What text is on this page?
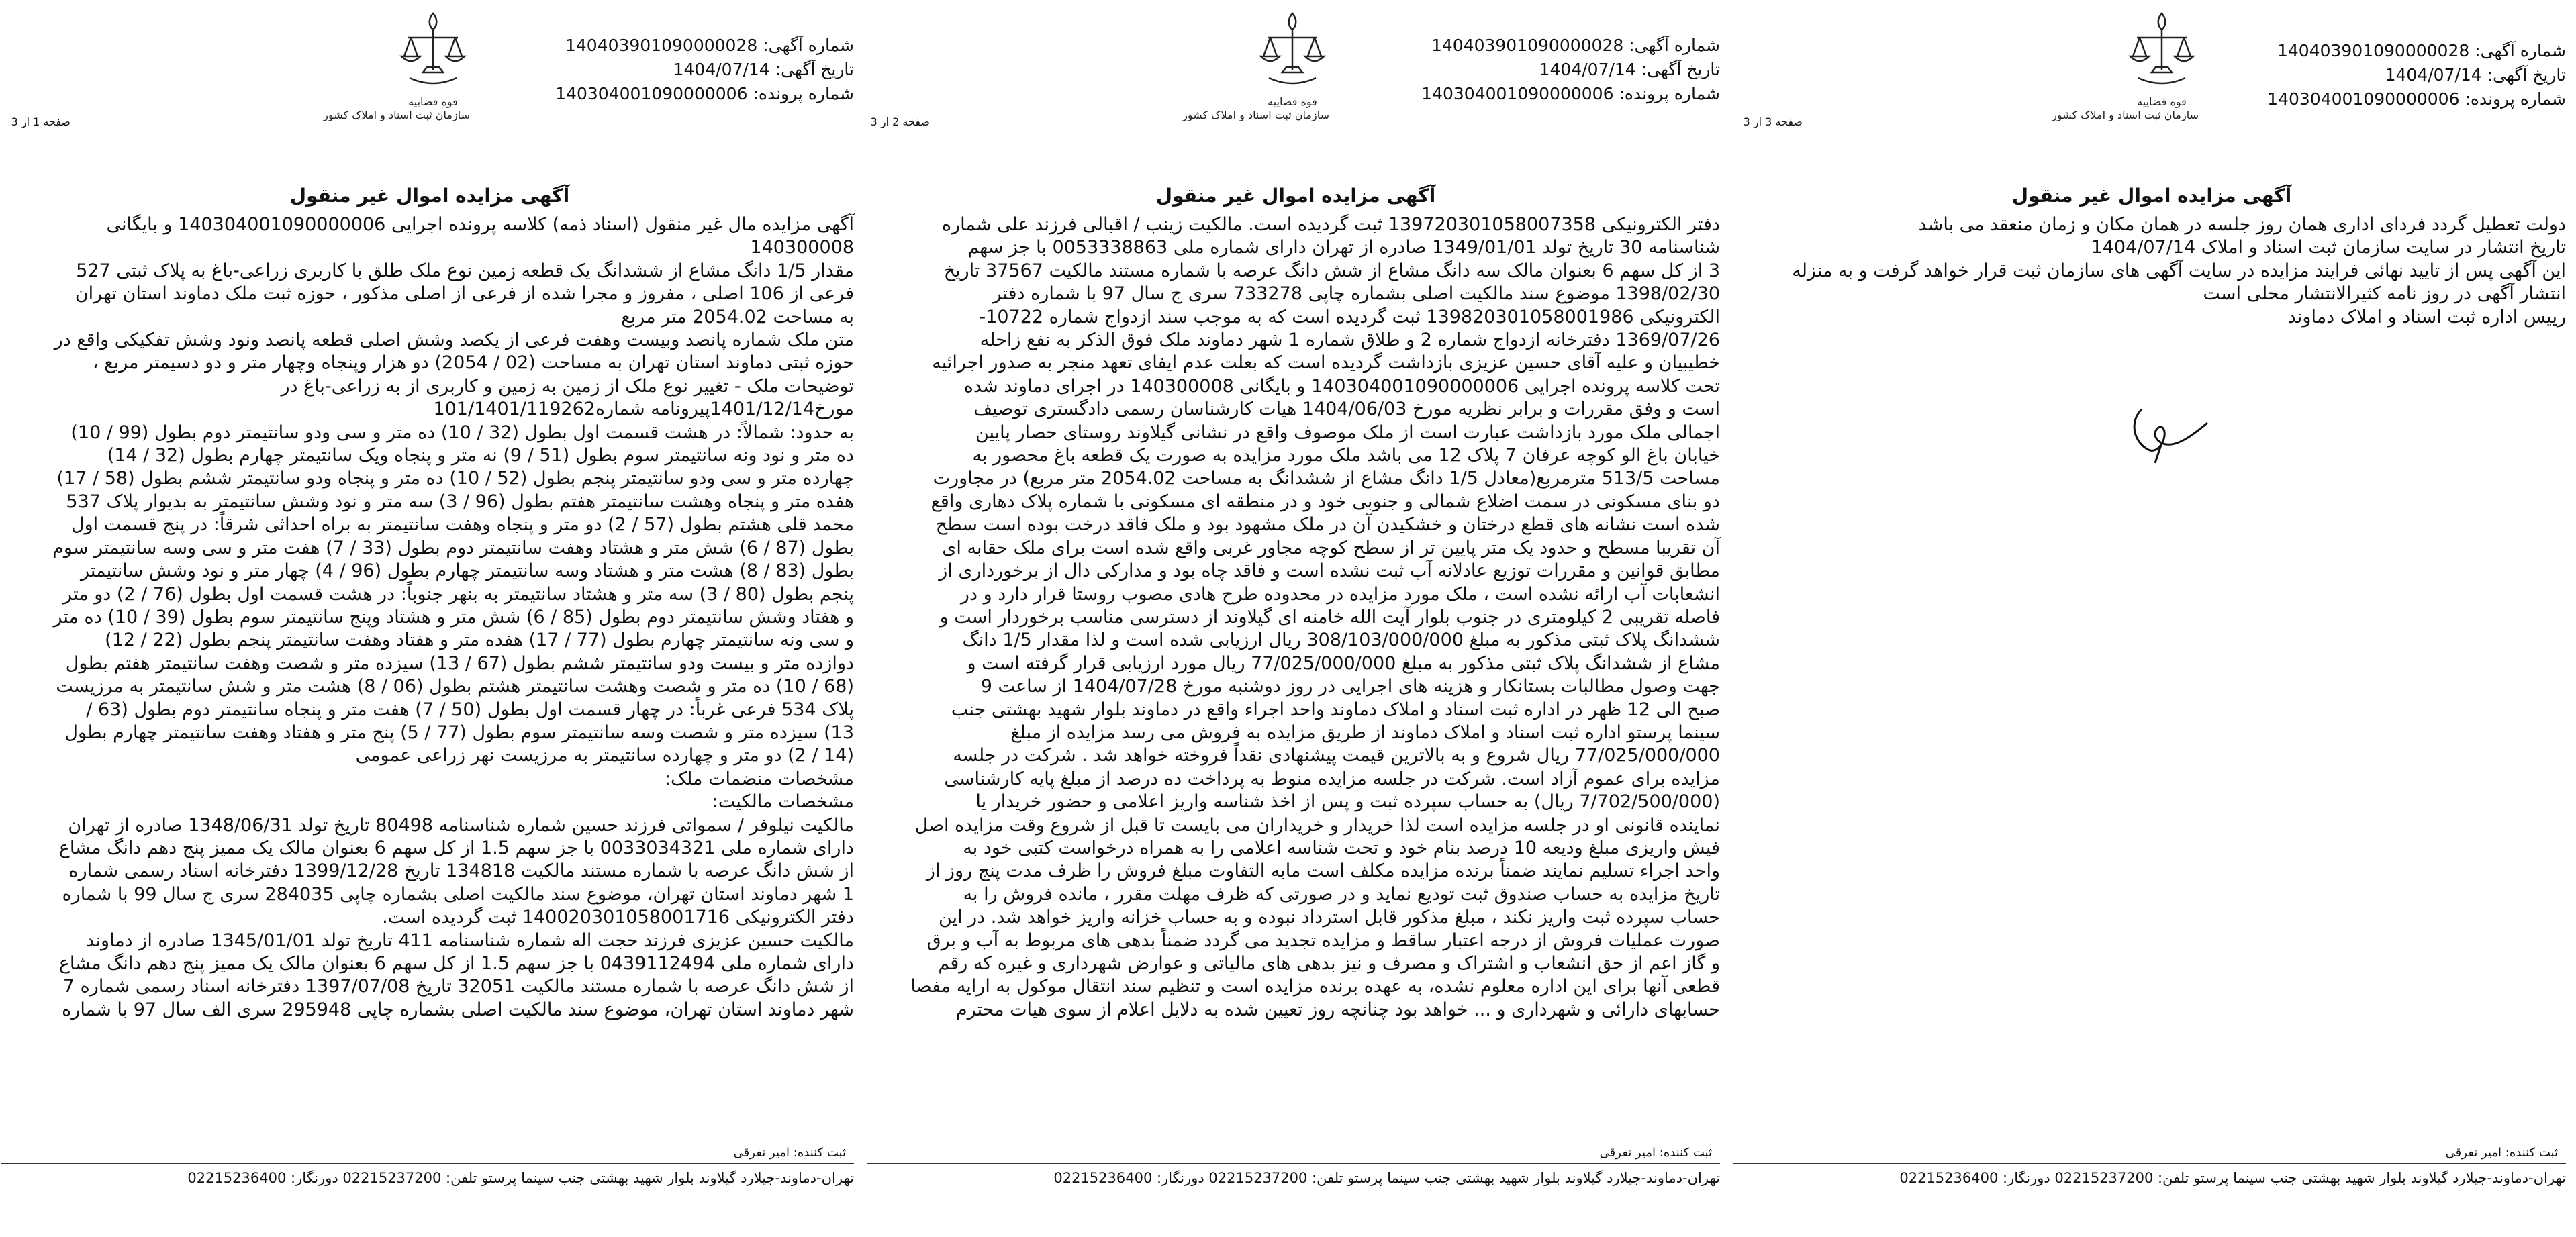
شماره آگهی: 140403901090000028
تاریخ آگهی: 1404/07/14
شماره پرونده: 140304001090000006
قوه قضاییه
سازمان ثبت اسناد و املاک کشور
صفحه 3 از 3
آگهی مزایده اموال غیر منقول

دولت تعطیل گردد فردای اداری همان روز جلسه در همان مکان و زمان منعقد می باشد

تاریخ انتشار در سایت سازمان ثبت اسناد و املاک 1404/07/14

این آگهی پس از تایید نهائی فرایند مزایده در سایت آگهی های سازمان ثبت قرار خواهد گرفت و به منزله

انتشار آگهی در روز نامه کثیرالانتشار محلی است

رییس اداره ثبت اسناد و املاک دماوند

ثبت کننده: امیر تفرقی
تهران-دماوند-جیلارد گیلاوند بلوار شهید بهشتی جنب سینما پرستو تلفن: 02215237200 دورنگار: 02215236400
شماره آگهی: 140403901090000028
تاریخ آگهی: 1404/07/14
شماره پرونده: 140304001090000006
قوه قضاییه
سازمان ثبت اسناد و املاک کشور
صفحه 2 از 3
آگهی مزایده اموال غیر منقول

دفتر الکترونیکی 139720301058007358 ثبت گردیده است. مالکیت زینب / اقبالی فرزند علی شماره

شناسنامه 30 تاریخ تولد 1349/01/01 صادره از تهران دارای شماره ملی 0053338863 با جز سهم

3 از کل سهم 6 بعنوان مالک سه دانگ مشاع از شش دانگ عرصه با شماره مستند مالکیت 37567 تاریخ

1398/02/30 موضوع سند مالکیت اصلی بشماره چاپی 733278 سری ج سال 97 با شماره دفتر

الکترونیکی 139820301058001986 ثبت گردیده است که به موجب سند ازدواج شماره 10722-

1369/07/26 دفترخانه ازدواج شماره 2 و طلاق شماره 1 شهر دماوند ملک فوق الذکر به نفع زاحله

خطیبیان و علیه آقای حسین عزیزی بازداشت گردیده است که بعلت عدم ایفای تعهد منجر به صدور اجرائیه

تحت کلاسه پرونده اجرایی 140304001090000006 و بایگانی 140300008 در اجرای دماوند شده

است و وفق مقررات و برابر نظریه مورخ 1404/06/03 هیات کارشناسان رسمی دادگستری توصیف

اجمالی ملک مورد بازداشت عبارت است از ملک موصوف واقع در نشانی گیلاوند روستای حصار پایین

خیابان باغ الو کوچه عرفان 7 پلاک 12 می باشد ملک مورد مزایده به صورت یک قطعه باغ محصور به

مساحت 513/5 مترمربع(معادل 1/5 دانگ مشاع از ششدانگ به مساحت 2054.02 متر مربع) در مجاورت

دو بنای مسکونی در سمت اضلاع شمالی و جنوبی خود و در منطقه ای مسکونی با شماره پلاک دهاری واقع

شده است نشانه های قطع درختان و خشکیدن آن در ملک مشهود بود و ملک فاقد درخت بوده است سطح

آن تقریبا مسطح و حدود یک متر پایین تر از سطح کوچه مجاور غربی واقع شده است برای ملک حقابه ای

مطابق قوانین و مقررات توزیع عادلانه آب ثبت نشده است و فاقد چاه بود و مدارکی دال از برخورداری از

انشعابات آب ارائه نشده است ، ملک مورد مزایده در محدوده طرح هادی مصوب روستا قرار دارد و در

فاصله تقریبی 2 کیلومتری در جنوب بلوار آیت الله خامنه ای گیلاوند از دسترسی مناسب برخوردار است و

ششدانگ پلاک ثبتی مذکور به مبلغ 308/103/000/000 ریال ارزیابی شده است و لذا مقدار 1/5 دانگ

مشاع از ششدانگ پلاک ثبتی مذکور به مبلغ 77/025/000/000 ریال مورد ارزیابی قرار گرفته است و

جهت وصول مطالبات بستانکار و هزینه های اجرایی در روز دوشنبه مورخ 1404/07/28 از ساعت 9

صبح الی 12 ظهر در اداره ثبت اسناد و املاک دماوند واحد اجراء واقع در دماوند بلوار شهید بهشتی جنب

سینما پرستو اداره ثبت اسناد و املاک دماوند از طریق مزایده به فروش می رسد مزایده از مبلغ

77/025/000/000 ریال شروع و به بالاترین قیمت پیشنهادی نقداً فروخته خواهد شد . شرکت در جلسه

مزایده برای عموم آزاد است. شرکت در جلسه مزایده منوط به پرداخت ده درصد از مبلغ پایه کارشناسی

(7/702/500/000 ریال) به حساب سپرده ثبت و پس از اخذ شناسه واریز اعلامی و حضور خریدار یا

نماینده قانونی او در جلسه مزایده است لذا خریدار و خریداران می بایست تا قبل از شروع وقت مزایده اصل

فیش واریزی مبلغ ودیعه 10 درصد بنام خود و تحت شناسه اعلامی را به همراه درخواست کتبی خود به

واحد اجراء تسلیم نمایند ضمناً برنده مزایده مکلف است مابه التفاوت مبلغ فروش را ظرف مدت پنج روز از

تاریخ مزایده به حساب صندوق ثبت تودیع نماید و در صورتی که ظرف مهلت مقرر ، مانده فروش را به

حساب سپرده ثبت واریز نکند ، مبلغ مذکور قابل استرداد نبوده و به حساب خزانه واریز خواهد شد. در این

صورت عملیات فروش از درجه اعتبار ساقط و مزایده تجدید می گردد ضمناً بدهی های مربوط به آب و برق

و گاز اعم از حق انشعاب و اشتراک و مصرف و نیز بدهی های مالیاتی و عوارض شهرداری و غیره که رقم

قطعی آنها برای این اداره معلوم نشده، به عهده برنده مزایده است و تنظیم سند انتقال موکول به ارایه مفصا

حسابهای دارائی و شهرداری و ... خواهد بود چنانچه روز تعیین شده به دلایل اعلام از سوی هیات محترم

ثبت کننده: امیر تفرقی
تهران-دماوند-جیلارد گیلاوند بلوار شهید بهشتی جنب سینما پرستو تلفن: 02215237200 دورنگار: 02215236400
شماره آگهی: 140403901090000028
تاریخ آگهی: 1404/07/14
شماره پرونده: 140304001090000006
قوه قضاییه
سازمان ثبت اسناد و املاک کشور
صفحه 1 از 3
آگهی مزایده اموال غیر منقول

آگهی مزایده مال غیر منقول (اسناد ذمه) کلاسه پرونده اجرایی 140304001090000006 و بایگانی

140300008

مقدار 1/5 دانگ مشاع از ششدانگ یک قطعه زمین نوع ملک طلق با کاربری زراعی-باغ به پلاک ثبتی 527

فرعی از 106 اصلی ، مفروز و مجرا شده از فرعی از اصلی مذکور ، حوزه ثبت ملک دماوند استان تهران

به مساحت 2054.02 متر مربع

متن ملک شماره پانصد وبیست وهفت فرعی از یکصد وشش اصلی قطعه پانصد ونود وشش تفکیکی واقع در

حوزه ثبتی دماوند استان تهران به مساحت (02 / 2054) دو هزار وپنجاه وچهار متر و دو دسیمتر مربع ،

توضیحات ملک - تغییر نوع ملک از زمین به زمین و کاربری از به زراعی-باغ در

مورخ1401/12/14پیرونامه شماره101/1401/119262

به حدود: شمالاً: در هشت قسمت اول بطول (32 / 10) ده متر و سی ودو سانتیمتر دوم بطول (99 / 10)

ده متر و نود ونه سانتیمتر سوم بطول (51 / 9) نه متر و پنجاه ویک سانتیمتر چهارم بطول (32 / 14)

چهارده متر و سی ودو سانتیمتر پنجم بطول (52 / 10) ده متر و پنجاه ودو سانتیمتر ششم بطول (58 / 17)

هفده متر و پنجاه وهشت سانتیمتر هفتم بطول (96 / 3) سه متر و نود وشش سانتیمتر به بدیوار پلاک 537

محمد قلی هشتم بطول (57 / 2) دو متر و پنجاه وهفت سانتیمتر به براه احداثی شرقاً: در پنج قسمت اول

بطول (87 / 6) شش متر و هشتاد وهفت سانتیمتر دوم بطول (33 / 7) هفت متر و سی وسه سانتیمتر سوم

بطول (83 / 8) هشت متر و هشتاد وسه سانتیمتر چهارم بطول (96 / 4) چهار متر و نود وشش سانتیمتر

پنجم بطول (80 / 3) سه متر و هشتاد سانتیمتر به بنهر جنوباً: در هشت قسمت اول بطول (76 / 2) دو متر

و هفتاد وشش سانتیمتر دوم بطول (85 / 6) شش متر و هشتاد وپنج سانتیمتر سوم بطول (39 / 10) ده متر

و سی ونه سانتیمتر چهارم بطول (77 / 17) هفده متر و هفتاد وهفت سانتیمتر پنجم بطول (22 / 12)

دوازده متر و بیست ودو سانتیمتر ششم بطول (67 / 13) سیزده متر و شصت وهفت سانتیمتر هفتم بطول

(68 / 10) ده متر و شصت وهشت سانتیمتر هشتم بطول (06 / 8) هشت متر و شش سانتیمتر به مرزیست

پلاک 534 فرعی غرباً: در چهار قسمت اول بطول (50 / 7) هفت متر و پنجاه سانتیمتر دوم بطول (63 /

13) سیزده متر و شصت وسه سانتیمتر سوم بطول (77 / 5) پنج متر و هفتاد وهفت سانتیمتر چهارم بطول

(14 / 2) دو متر و چهارده سانتیمتر به مرزیست نهر زراعی عمومی

مشخصات منضمات ملک:

مشخصات مالکیت:

مالکیت نیلوفر / سمواتی فرزند حسین شماره شناسنامه 80498 تاریخ تولد 1348/06/31 صادره از تهران

دارای شماره ملی 0033034321 با جز سهم 1.5 از کل سهم 6 بعنوان مالک یک ممیز پنج دهم دانگ مشاع

از شش دانگ عرصه با شماره مستند مالکیت 134818 تاریخ 1399/12/28 دفترخانه اسناد رسمی شماره

1 شهر دماوند استان تهران، موضوع سند مالکیت اصلی بشماره چاپی 284035 سری ج سال 99 با شماره

دفتر الکترونیکی 140020301058001716 ثبت گردیده است.

مالکیت حسین عزیزی فرزند حجت اله شماره شناسنامه 411 تاریخ تولد 1345/01/01 صادره از دماوند

دارای شماره ملی 0439112494 با جز سهم 1.5 از کل سهم 6 بعنوان مالک یک ممیز پنج دهم دانگ مشاع

از شش دانگ عرصه با شماره مستند مالکیت 32051 تاریخ 1397/07/08 دفترخانه اسناد رسمی شماره 7

شهر دماوند استان تهران، موضوع سند مالکیت اصلی بشماره چاپی 295948 سری الف سال 97 با شماره

ثبت کننده: امیر تفرقی
تهران-دماوند-جیلارد گیلاوند بلوار شهید بهشتی جنب سینما پرستو تلفن: 02215237200 دورنگار: 02215236400
